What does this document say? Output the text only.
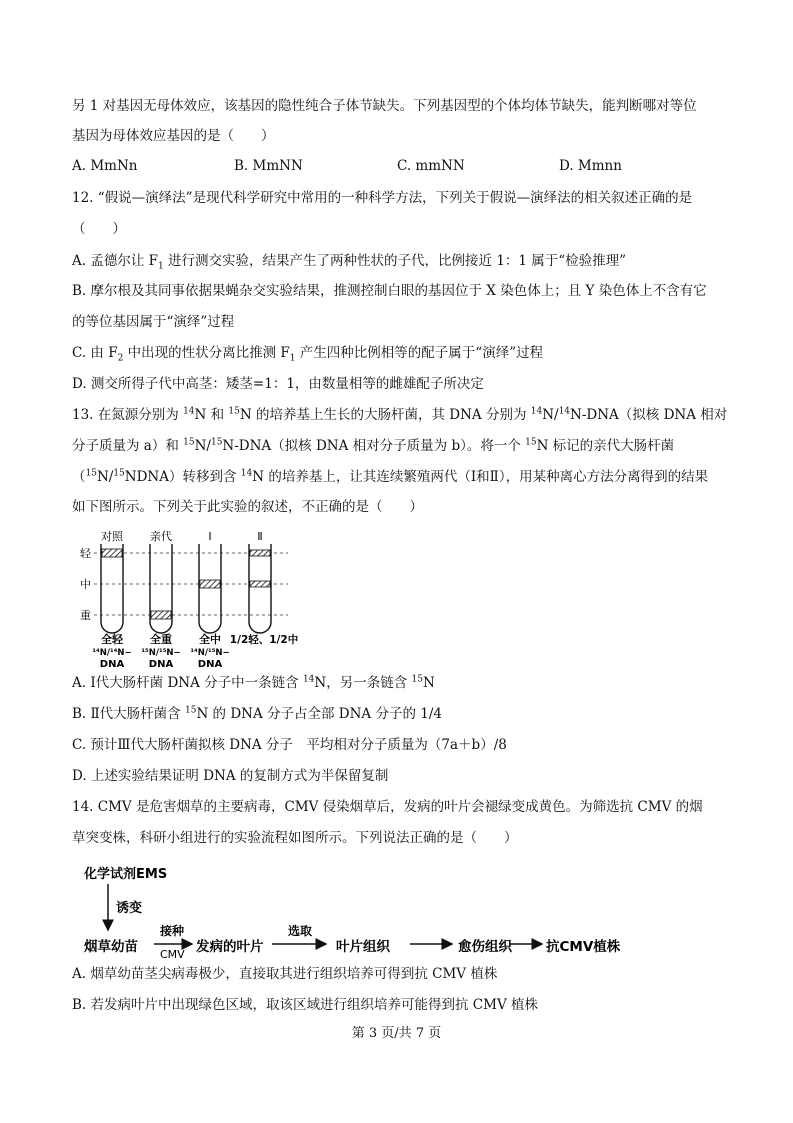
另 1 对基因无母体效应，该基因的隐性纯合子体节缺失。下列基因型的个体均体节缺失，能判断哪对等位
基因为母体效应基因的是（　　）
A. MmNn	B. MmNN	C. mmNN	D. Mmnn
12. “假说—演绎法”是现代科学研究中常用的一种科学方法，下列关于假说—演绎法的相关叙述正确的是
（　　）
A. 孟德尔让 $F_1$ 进行测交实验，结果产生了两种性状的子代，比例接近 1：1 属于“检验推理”
B. 摩尔根及其同事依据果蝇杂交实验结果，推测控制白眼的基因位于 X 染色体上；且 Y 染色体上不含有它
的等位基因属于“演绎”过程
C. 由 $F_2$ 中出现的性状分离比推测 $F_1$ 产生四种比例相等的配子属于“演绎”过程
D. 测交所得子代中高茎：矮茎=1：1，由数量相等的雌雄配子所决定
13. 在氮源分别为 $^{14}$N 和 $^{15}$N 的培养基上生长的大肠杆菌，其 DNA 分别为 $^{14}$N/$^{14}$N-DNA（拟核 DNA 相对
分子质量为 a）和 $^{15}$N/$^{15}$N-DNA（拟核 DNA 相对分子质量为 b）。将一个 $^{15}$N 标记的亲代大肠杆菌
（$^{15}$N/$^{15}$NDNA）转移到含 $^{14}$N 的培养基上，让其连续繁殖两代（Ⅰ和Ⅱ），用某种离心方法分离得到的结果
如下图所示。下列关于此实验的叙述，不正确的是（　　）
对照 亲代	Ⅰ	Ⅱ
轻
中
重
全轻 全重 全中 1/2轻、1/2中
¹⁴N/¹⁴N− ¹⁵N/¹⁵N− ¹⁴N/¹⁵N−
DNA DNA DNA
A. Ⅰ代大肠杆菌 DNA 分子中一条链含 $^{14}$N，另一条链含 $^{15}$N
B. Ⅱ代大肠杆菌含 $^{15}$N 的 DNA 分子占全部 DNA 分子的 1/4
C. 预计Ⅲ代大肠杆菌拟核 DNA 分子　平均相对分子质量为（7a＋b）/8
D. 上述实验结果证明 DNA 的复制方式为半保留复制
14. CMV 是危害烟草的主要病毒，CMV 侵染烟草后，发病的叶片会褪绿变成黄色。为筛选抗 CMV 的烟
草突变株，科研小组进行的实验流程如图所示。下列说法正确的是（　　）
化学试剂EMS
诱变
烟草幼苗
接种
CMV 发病的叶片
选取
叶片组织	愈伤组织	抗CMV植株
A. 烟草幼苗茎尖病毒极少，直接取其进行组织培养可得到抗 CMV 植株
B. 若发病叶片中出现绿色区域，取该区域进行组织培养可能得到抗 CMV 植株
第 3 页/共 7 页
